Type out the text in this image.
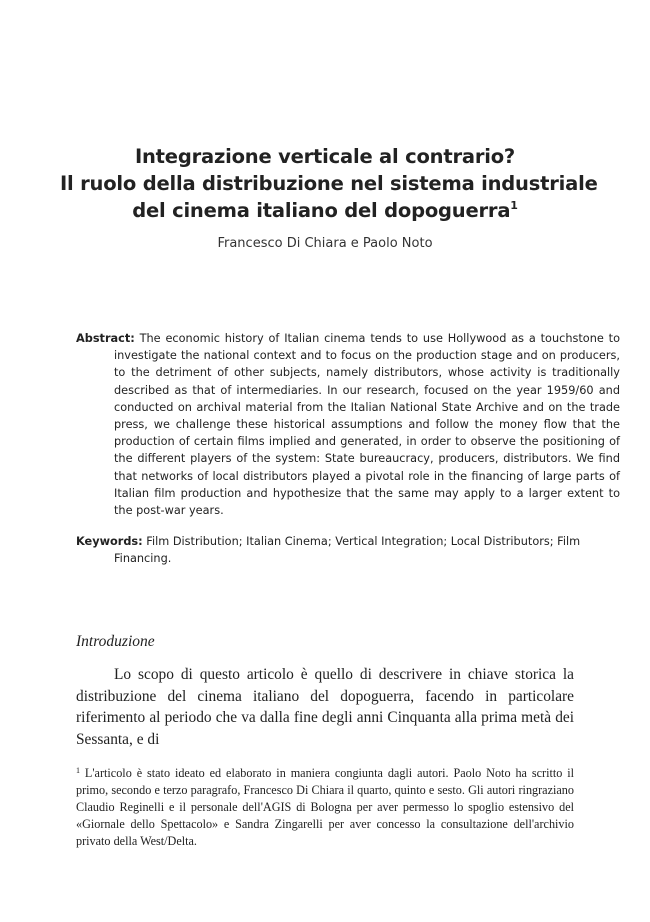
Integrazione verticale al contrario?
Il ruolo della distribuzione nel sistema industriale
del cinema italiano del dopoguerra$^1$
Francesco Di Chiara e Paolo Noto

Abstract: The economic history of Italian cinema tends to use Hollywood as a touchstone to investigate the national context and to focus on the production stage and on producers, to the detriment of other subjects, namely distributors, whose activity is traditionally described as that of intermediaries. In our research, focused on the year 1959/60 and conducted on archival material from the Italian National State Archive and on the trade press, we challenge these historical assumptions and follow the money flow that the production of certain films implied and generated, in order to observe the positioning of the different players of the system: State bureaucracy, producers, distributors. We find that networks of local distributors played a pivotal role in the financing of large parts of Italian film production and hypothesize that the same may apply to a larger extent to the post-war years.

Keywords: Film Distribution; Italian Cinema; Vertical Integration; Local Distributors; Film Financing.

Introduzione

Lo scopo di questo articolo è quello di descrivere in chiave storica la distribuzione del cinema italiano del dopoguerra, facendo in particolare riferimento al periodo che va dalla fine degli anni Cinquanta alla prima metà dei Sessanta, e di

$^1$ L'articolo è stato ideato ed elaborato in maniera congiunta dagli autori. Paolo Noto ha scritto il primo, secondo e terzo paragrafo, Francesco Di Chiara il quarto, quinto e sesto. Gli autori ringraziano Claudio Reginelli e il personale dell'AGIS di Bologna per aver permesso lo spoglio estensivo del «Giornale dello Spettacolo» e Sandra Zingarelli per aver concesso la consultazione dell'archivio privato della West/Delta.
